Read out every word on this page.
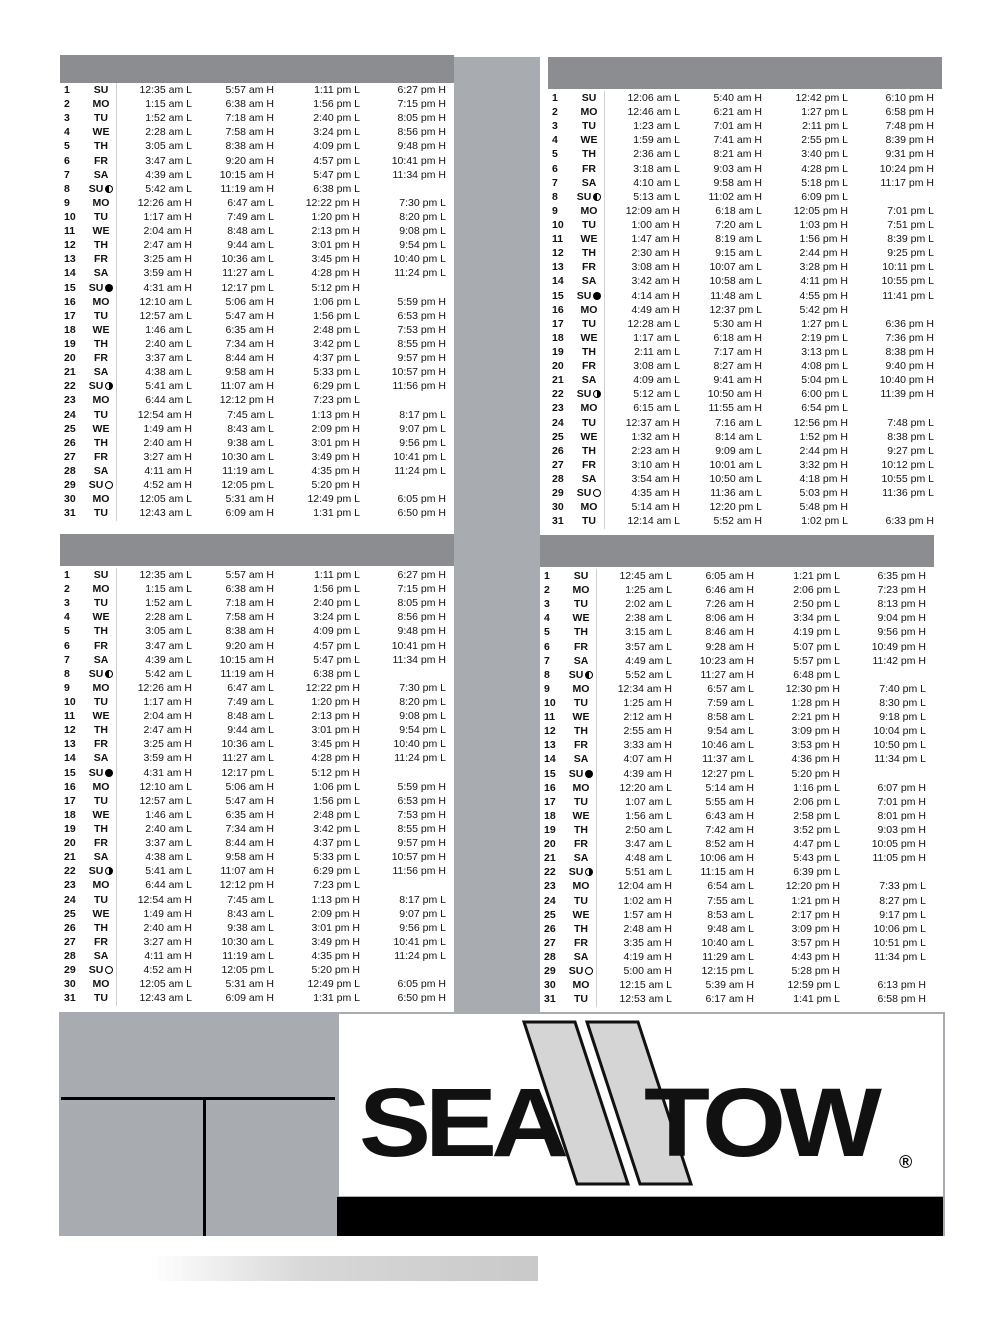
1	SU	12:35 am L	5:57 am H	1:11 pm L	6:27 pm H
2	MO	1:15 am L	6:38 am H	1:56 pm L	7:15 pm H
3	TU	1:52 am L	7:18 am H	2:40 pm L	8:05 pm H
4	WE	2:28 am L	7:58 am H	3:24 pm L	8:56 pm H
5	TH	3:05 am L	8:38 am H	4:09 pm L	9:48 pm H
6	FR	3:47 am L	9:20 am H	4:57 pm L	10:41 pm H
7	SA	4:39 am L	10:15 am H	5:47 pm L	11:34 pm H
8	SU	5:42 am L	11:19 am H	6:38 pm L
9	MO	12:26 am H	6:47 am L	12:22 pm H	7:30 pm L
10	TU	1:17 am H	7:49 am L	1:20 pm H	8:20 pm L
11	WE	2:04 am H	8:48 am L	2:13 pm H	9:08 pm L
12	TH	2:47 am H	9:44 am L	3:01 pm H	9:54 pm L
13	FR	3:25 am H	10:36 am L	3:45 pm H	10:40 pm L
14	SA	3:59 am H	11:27 am L	4:28 pm H	11:24 pm L
15	SU	4:31 am H	12:17 pm L	5:12 pm H
16	MO	12:10 am L	5:06 am H	1:06 pm L	5:59 pm H
17	TU	12:57 am L	5:47 am H	1:56 pm L	6:53 pm H
18	WE	1:46 am L	6:35 am H	2:48 pm L	7:53 pm H
19	TH	2:40 am L	7:34 am H	3:42 pm L	8:55 pm H
20	FR	3:37 am L	8:44 am H	4:37 pm L	9:57 pm H
21	SA	4:38 am L	9:58 am H	5:33 pm L	10:57 pm H
22	SU	5:41 am L	11:07 am H	6:29 pm L	11:56 pm H
23	MO	6:44 am L	12:12 pm H	7:23 pm L
24	TU	12:54 am H	7:45 am L	1:13 pm H	8:17 pm L
25	WE	1:49 am H	8:43 am L	2:09 pm H	9:07 pm L
26	TH	2:40 am H	9:38 am L	3:01 pm H	9:56 pm L
27	FR	3:27 am H	10:30 am L	3:49 pm H	10:41 pm L
28	SA	4:11 am H	11:19 am L	4:35 pm H	11:24 pm L
29	SU	4:52 am H	12:05 pm L	5:20 pm H
30	MO	12:05 am L	5:31 am H	12:49 pm L	6:05 pm H
31	TU	12:43 am L	6:09 am H	1:31 pm L	6:50 pm H
1	SU	12:06 am L	5:40 am H	12:42 pm L	6:10 pm H
2	MO	12:46 am L	6:21 am H	1:27 pm L	6:58 pm H
3	TU	1:23 am L	7:01 am H	2:11 pm L	7:48 pm H
4	WE	1:59 am L	7:41 am H	2:55 pm L	8:39 pm H
5	TH	2:36 am L	8:21 am H	3:40 pm L	9:31 pm H
6	FR	3:18 am L	9:03 am H	4:28 pm L	10:24 pm H
7	SA	4:10 am L	9:58 am H	5:18 pm L	11:17 pm H
8	SU	5:13 am L	11:02 am H	6:09 pm L
9	MO	12:09 am H	6:18 am L	12:05 pm H	7:01 pm L
10	TU	1:00 am H	7:20 am L	1:03 pm H	7:51 pm L
11	WE	1:47 am H	8:19 am L	1:56 pm H	8:39 pm L
12	TH	2:30 am H	9:15 am L	2:44 pm H	9:25 pm L
13	FR	3:08 am H	10:07 am L	3:28 pm H	10:11 pm L
14	SA	3:42 am H	10:58 am L	4:11 pm H	10:55 pm L
15	SU	4:14 am H	11:48 am L	4:55 pm H	11:41 pm L
16	MO	4:49 am H	12:37 pm L	5:42 pm H
17	TU	12:28 am L	5:30 am H	1:27 pm L	6:36 pm H
18	WE	1:17 am L	6:18 am H	2:19 pm L	7:36 pm H
19	TH	2:11 am L	7:17 am H	3:13 pm L	8:38 pm H
20	FR	3:08 am L	8:27 am H	4:08 pm L	9:40 pm H
21	SA	4:09 am L	9:41 am H	5:04 pm L	10:40 pm H
22	SU	5:12 am L	10:50 am H	6:00 pm L	11:39 pm H
23	MO	6:15 am L	11:55 am H	6:54 pm L
24	TU	12:37 am H	7:16 am L	12:56 pm H	7:48 pm L
25	WE	1:32 am H	8:14 am L	1:52 pm H	8:38 pm L
26	TH	2:23 am H	9:09 am L	2:44 pm H	9:27 pm L
27	FR	3:10 am H	10:01 am L	3:32 pm H	10:12 pm L
28	SA	3:54 am H	10:50 am L	4:18 pm H	10:55 pm L
29	SU	4:35 am H	11:36 am L	5:03 pm H	11:36 pm L
30	MO	5:14 am H	12:20 pm L	5:48 pm H
31	TU	12:14 am L	5:52 am H	1:02 pm L	6:33 pm H
1	SU	12:35 am L	5:57 am H	1:11 pm L	6:27 pm H
2	MO	1:15 am L	6:38 am H	1:56 pm L	7:15 pm H
3	TU	1:52 am L	7:18 am H	2:40 pm L	8:05 pm H
4	WE	2:28 am L	7:58 am H	3:24 pm L	8:56 pm H
5	TH	3:05 am L	8:38 am H	4:09 pm L	9:48 pm H
6	FR	3:47 am L	9:20 am H	4:57 pm L	10:41 pm H
7	SA	4:39 am L	10:15 am H	5:47 pm L	11:34 pm H
8	SU	5:42 am L	11:19 am H	6:38 pm L
9	MO	12:26 am H	6:47 am L	12:22 pm H	7:30 pm L
10	TU	1:17 am H	7:49 am L	1:20 pm H	8:20 pm L
11	WE	2:04 am H	8:48 am L	2:13 pm H	9:08 pm L
12	TH	2:47 am H	9:44 am L	3:01 pm H	9:54 pm L
13	FR	3:25 am H	10:36 am L	3:45 pm H	10:40 pm L
14	SA	3:59 am H	11:27 am L	4:28 pm H	11:24 pm L
15	SU	4:31 am H	12:17 pm L	5:12 pm H
16	MO	12:10 am L	5:06 am H	1:06 pm L	5:59 pm H
17	TU	12:57 am L	5:47 am H	1:56 pm L	6:53 pm H
18	WE	1:46 am L	6:35 am H	2:48 pm L	7:53 pm H
19	TH	2:40 am L	7:34 am H	3:42 pm L	8:55 pm H
20	FR	3:37 am L	8:44 am H	4:37 pm L	9:57 pm H
21	SA	4:38 am L	9:58 am H	5:33 pm L	10:57 pm H
22	SU	5:41 am L	11:07 am H	6:29 pm L	11:56 pm H
23	MO	6:44 am L	12:12 pm H	7:23 pm L
24	TU	12:54 am H	7:45 am L	1:13 pm H	8:17 pm L
25	WE	1:49 am H	8:43 am L	2:09 pm H	9:07 pm L
26	TH	2:40 am H	9:38 am L	3:01 pm H	9:56 pm L
27	FR	3:27 am H	10:30 am L	3:49 pm H	10:41 pm L
28	SA	4:11 am H	11:19 am L	4:35 pm H	11:24 pm L
29	SU	4:52 am H	12:05 pm L	5:20 pm H
30	MO	12:05 am L	5:31 am H	12:49 pm L	6:05 pm H
31	TU	12:43 am L	6:09 am H	1:31 pm L	6:50 pm H
1	SU	12:45 am L	6:05 am H	1:21 pm L	6:35 pm H
2	MO	1:25 am L	6:46 am H	2:06 pm L	7:23 pm H
3	TU	2:02 am L	7:26 am H	2:50 pm L	8:13 pm H
4	WE	2:38 am L	8:06 am H	3:34 pm L	9:04 pm H
5	TH	3:15 am L	8:46 am H	4:19 pm L	9:56 pm H
6	FR	3:57 am L	9:28 am H	5:07 pm L	10:49 pm H
7	SA	4:49 am L	10:23 am H	5:57 pm L	11:42 pm H
8	SU	5:52 am L	11:27 am H	6:48 pm L
9	MO	12:34 am H	6:57 am L	12:30 pm H	7:40 pm L
10	TU	1:25 am H	7:59 am L	1:28 pm H	8:30 pm L
11	WE	2:12 am H	8:58 am L	2:21 pm H	9:18 pm L
12	TH	2:55 am H	9:54 am L	3:09 pm H	10:04 pm L
13	FR	3:33 am H	10:46 am L	3:53 pm H	10:50 pm L
14	SA	4:07 am H	11:37 am L	4:36 pm H	11:34 pm L
15	SU	4:39 am H	12:27 pm L	5:20 pm H
16	MO	12:20 am L	5:14 am H	1:16 pm L	6:07 pm H
17	TU	1:07 am L	5:55 am H	2:06 pm L	7:01 pm H
18	WE	1:56 am L	6:43 am H	2:58 pm L	8:01 pm H
19	TH	2:50 am L	7:42 am H	3:52 pm L	9:03 pm H
20	FR	3:47 am L	8:52 am H	4:47 pm L	10:05 pm H
21	SA	4:48 am L	10:06 am H	5:43 pm L	11:05 pm H
22	SU	5:51 am L	11:15 am H	6:39 pm L
23	MO	12:04 am H	6:54 am L	12:20 pm H	7:33 pm L
24	TU	1:02 am H	7:55 am L	1:21 pm H	8:27 pm L
25	WE	1:57 am H	8:53 am L	2:17 pm H	9:17 pm L
26	TH	2:48 am H	9:48 am L	3:09 pm H	10:06 pm L
27	FR	3:35 am H	10:40 am L	3:57 pm H	10:51 pm L
28	SA	4:19 am H	11:29 am L	4:43 pm H	11:34 pm L
29	SU	5:00 am H	12:15 pm L	5:28 pm H
30	MO	12:15 am L	5:39 am H	12:59 pm L	6:13 pm H
31	TU	12:53 am L	6:17 am H	1:41 pm L	6:58 pm H
SEA TOW ®
